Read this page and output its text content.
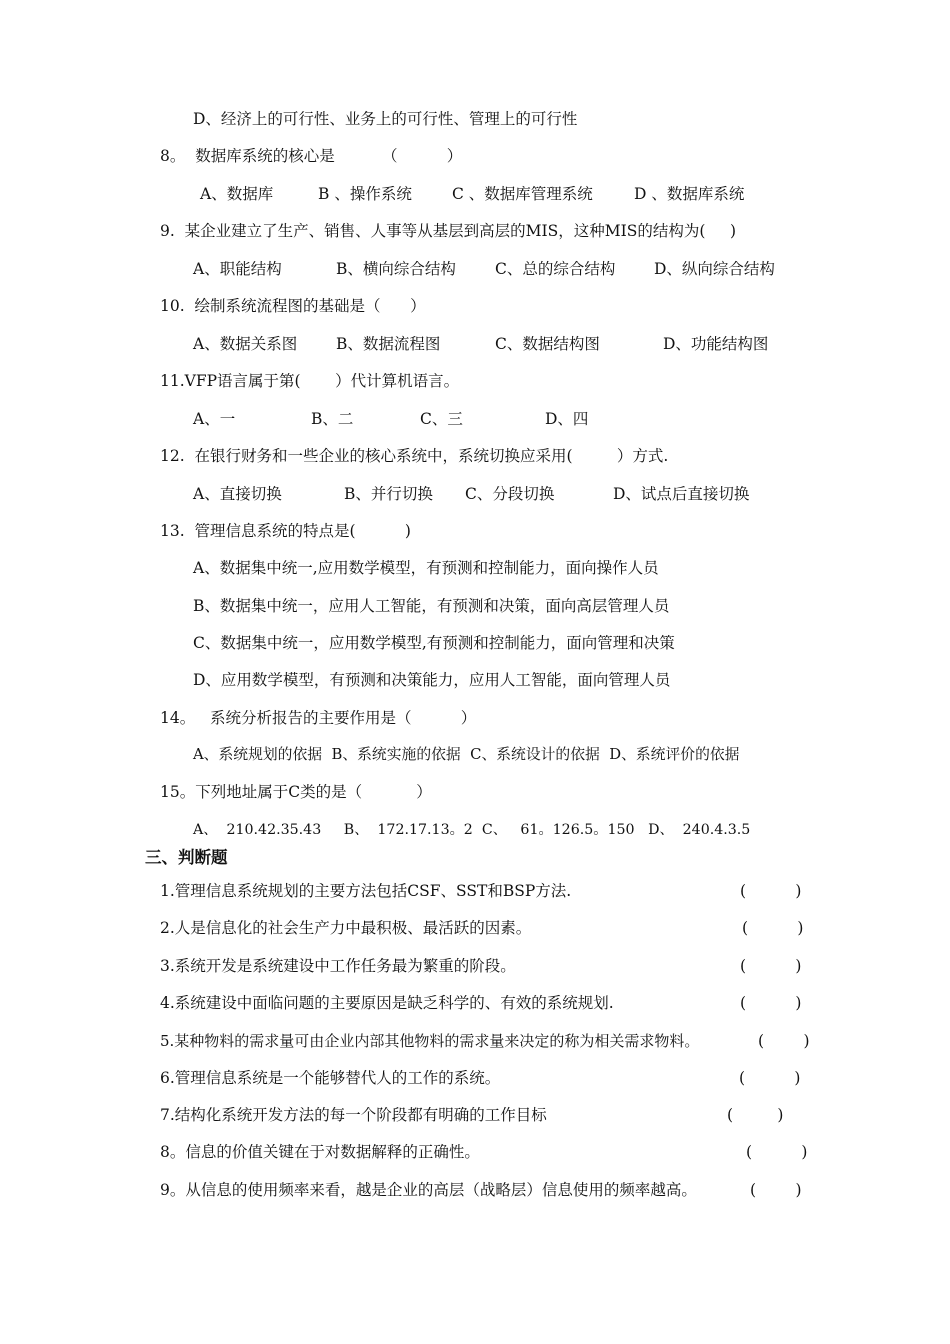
D、经济上的可行性、业务上的可行性、管理上的可行性
8。  数据库系统的核心是	（          ）
A、数据库	B 、操作系统	C 、数据库管理系统	D 、数据库系统
9.  某企业建立了生产、销售、人事等从基层到高层的MIS，这种MIS的结构为(     )
A、职能结构	B、横向综合结构	C、总的综合结构 D、纵向综合结构
10.  绘制系统流程图的基础是（      ）
A、数据关系图	B、数据流程图	C、数据结构图	D、功能结构图
11.VFP语言属于第(       ）代计算机语言。
A、一	B、二	C、三	D、四
12.  在银行财务和一些企业的核心系统中，系统切换应采用(         ）方式.
A、直接切换	B、并行切换 C、分段切换	D、试点后直接切换
13.  管理信息系统的特点是(          )
A、数据集中统一,应用数学模型，有预测和控制能力，面向操作人员
B、数据集中统一，应用人工智能，有预测和决策，面向高层管理人员
C、数据集中统一，应用数学模型,有预测和控制能力，面向管理和决策
D、应用数学模型，有预测和决策能力，应用人工智能，面向管理人员
14。   系统分析报告的主要作用是（          ）
A、系统规划的依据  B、系统实施的依据  C、系统设计的依据  D、系统评价的依据
15。下列地址属于C类的是（           ）
A、  210.42.35.43     B、  172.17.13。2  C、   61。126.5。150   D、  240.4.3.5
三、判断题
1.管理信息系统规划的主要方法包括CSF、SST和BSP方法.	(          )
2.人是信息化的社会生产力中最积极、最活跃的因素。	(          )
3.系统开发是系统建设中工作任务最为繁重的阶段。	(          )
4.系统建设中面临问题的主要原因是缺乏科学的、有效的系统规划.	(          )
5.某种物料的需求量可由企业内部其他物料的需求量来决定的称为相关需求物料。	(        )
6.管理信息系统是一个能够替代人的工作的系统。	(          )
7.结构化系统开发方法的每一个阶段都有明确的工作目标	(         )
8。信息的价值关键在于对数据解释的正确性。	(          )
9。从信息的使用频率来看，越是企业的高层（战略层）信息使用的频率越高。	(        )
